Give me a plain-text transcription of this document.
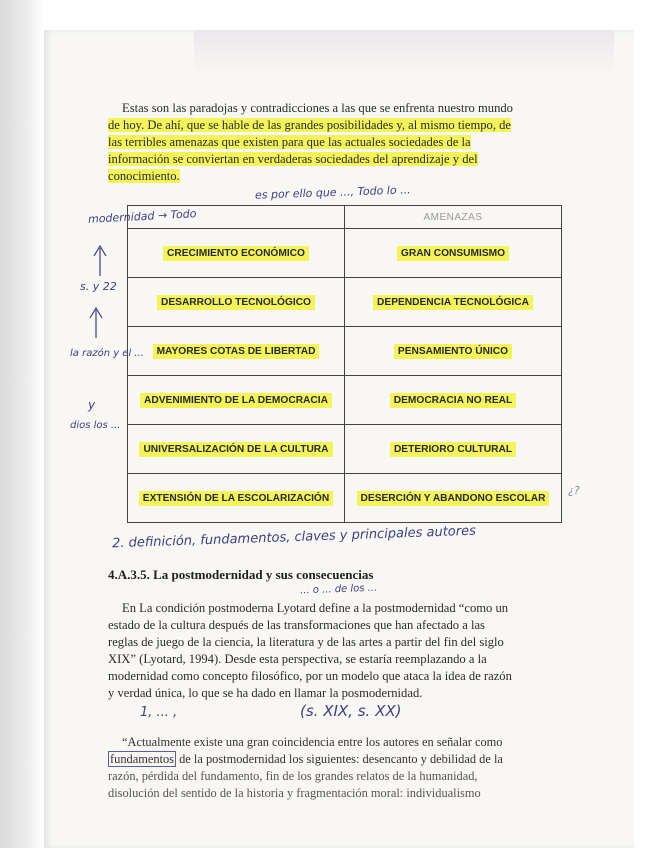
Estas son las paradojas y contradicciones a las que se enfrenta nuestro mundo

de hoy. De ahí, que se hable de las grandes posibilidades y, al mismo tiempo, de

las terribles amenazas que existen para que las actuales sociedades de la

información se conviertan en verdaderas sociedades del aprendizaje y del

conocimiento.

modernidad → Todo
es por ello que ..., Todo lo ...
s. y 22
la razón y el ...
y
dios los ...
	AMENAZAS
CRECIMIENTO ECONÓMICO	GRAN CONSUMISMO
DESARROLLO TECNOLÓGICO	DEPENDENCIA TECNOLÓGICA
MAYORES COTAS DE LIBERTAD	PENSAMIENTO ÚNICO
ADVENIMIENTO DE LA DEMOCRACIA	DEMOCRACIA NO REAL
UNIVERSALIZACIÓN DE LA CULTURA	DETERIORO CULTURAL
EXTENSIÓN DE LA ESCOLARIZACIÓN	DESERCIÓN Y ABANDONO ESCOLAR
¿?
2. definición, fundamentos, claves y principales autores
4.A.3.5. La postmodernidad y sus consecuencias
... o ... de los ...

En La condición postmoderna Lyotard define a la postmodernidad “como un

estado de la cultura después de las transformaciones que han afectado a las

reglas de juego de la ciencia, la literatura y de las artes a partir del fin del siglo

XIX” (Lyotard, 1994). Desde esta perspectiva, se estaría reemplazando a la

modernidad como concepto filosófico, por un modelo que ataca la idea de razón

y verdad única, lo que se ha dado en llamar la posmodernidad.

1, ... ,	(s. XIX, s. XX)

“Actualmente existe una gran coincidencia entre los autores en señalar como

fundamentos de la postmodernidad los siguientes: desencanto y debilidad de la

razón, pérdida del fundamento, fin de los grandes relatos de la humanidad,

disolución del sentido de la historia y fragmentación moral: individualismo
